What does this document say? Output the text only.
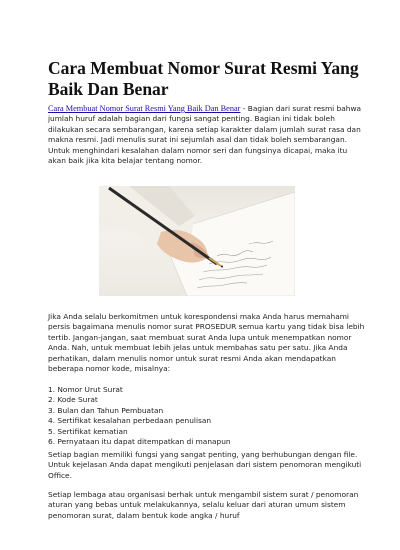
Cara Membuat Nomor Surat Resmi Yang Baik Dan Benar

Cara Membuat Nomor Surat Resmi Yang Baik Dan Benar - Bagian dari surat resmi bahwa jumlah huruf adalah bagian dari fungsi sangat penting. Bagian ini tidak boleh dilakukan secara sembarangan, karena setiap karakter dalam jumlah surat rasa dan makna resmi. Jadi menulis surat ini sejumlah asal dan tidak boleh sembarangan. Untuk menghindari kesalahan dalam nomor seri dan fungsinya dicapai, maka itu akan baik jika kita belajar tentang nomor.

Jika Anda selalu berkomitmen untuk korespondensi maka Anda harus memahami persis bagaimana menulis nomor surat PROSEDUR semua kartu yang tidak bisa lebih tertib. Jangan-jangan, saat membuat surat Anda lupa untuk menempatkan nomor Anda. Nah, untuk membuat lebih jelas untuk membahas satu per satu. Jika Anda perhatikan, dalam menulis nomor untuk surat resmi Anda akan mendapatkan beberapa nomor kode, misalnya:

1. Nomor Urut Surat
2. Kode Surat
3. Bulan dan Tahun Pembuatan
4. Sertifikat kesalahan perbedaan penulisan
5. Sertifikat kematian
6. Pernyataan itu dapat ditempatkan di manapun

Setiap bagian memiliki fungsi yang sangat penting, yang berhubungan dengan file. Untuk kejelasan Anda dapat mengikuti penjelasan dari sistem penomoran mengikuti Office.

Setiap lembaga atau organisasi berhak untuk mengambil sistem surat / penomoran aturan yang bebas untuk melakukannya, selalu keluar dari aturan umum sistem penomoran surat, dalam bentuk kode angka / huruf
